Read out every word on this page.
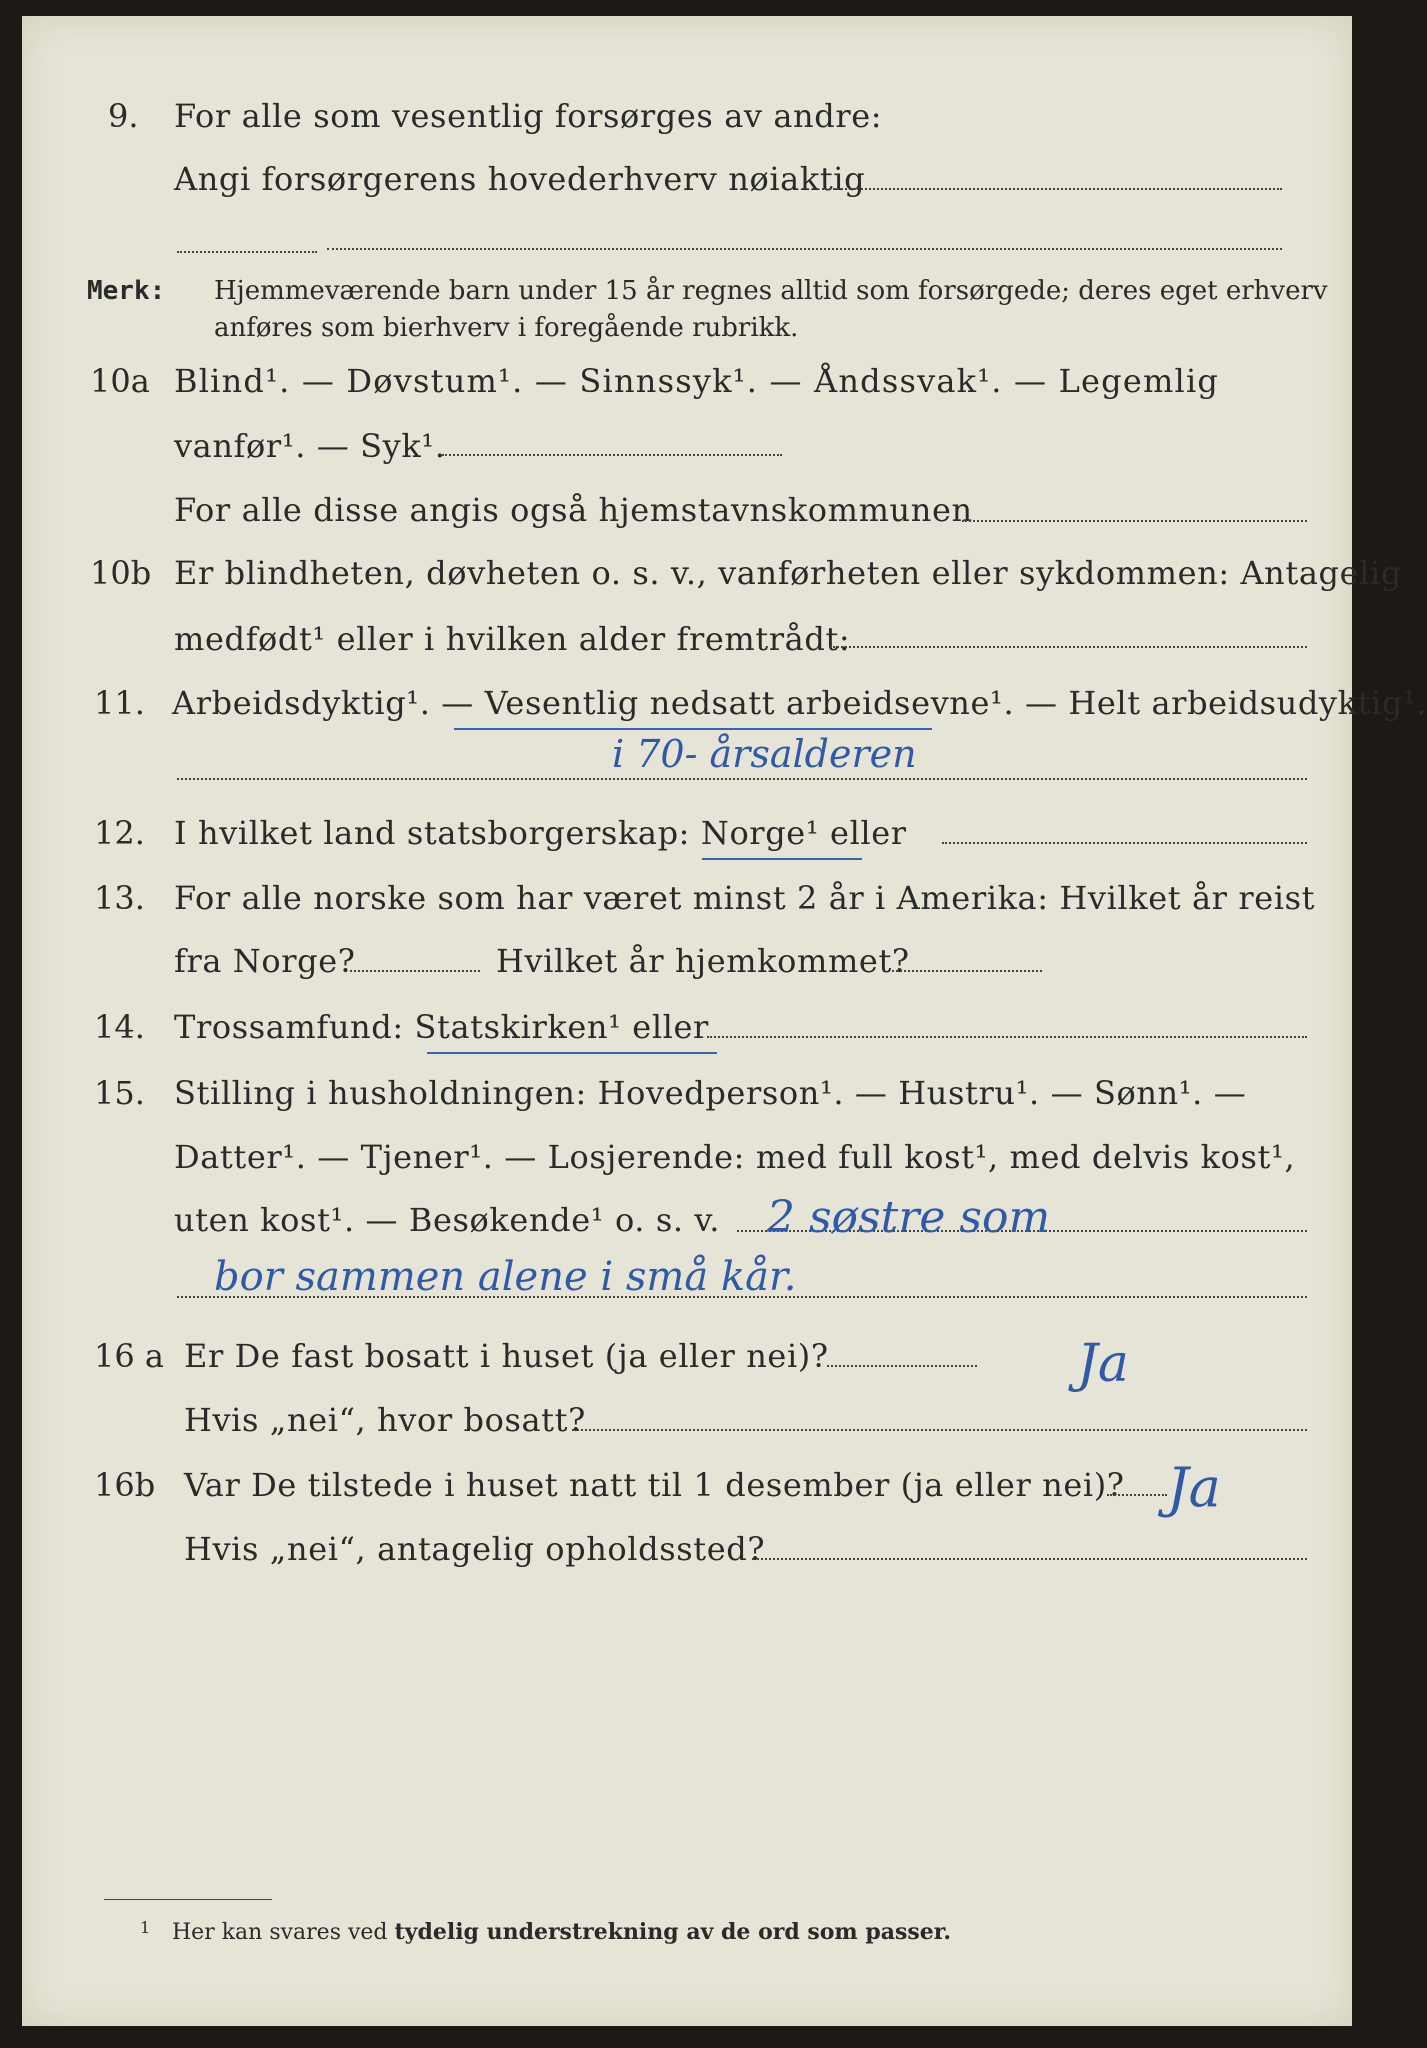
9. For alle som vesentlig forsørges av andre:
Angi forsørgerens hovederhverv nøiaktig
Merk: Hjemmeværende barn under 15 år regnes alltid som forsørgede; deres eget erhverv
anføres som bierhverv i foregående rubrikk.
10a Blind¹. — Døvstum¹. — Sinnssyk¹. — Åndssvak¹. — Legemlig
vanfør¹. — Syk¹.
For alle disse angis også hjemstavnskommunen
10b Er blindheten, døvheten o. s. v., vanførheten eller sykdommen: Antagelig
medfødt¹ eller i hvilken alder fremtrådt:
11. Arbeidsdyktig¹. — Vesentlig nedsatt arbeidsevne¹. — Helt arbeidsudyktig¹.
i 70- årsalderen
12. I hvilket land statsborgerskap: Norge¹ eller
13. For alle norske som har været minst 2 år i Amerika: Hvilket år reist
fra Norge?	Hvilket år hjemkommet?
14. Trossamfund: Statskirken¹ eller
15. Stilling i husholdningen: Hovedperson¹. — Hustru¹. — Sønn¹. —
Datter¹. — Tjener¹. — Losjerende: med full kost¹, med delvis kost¹,
uten kost¹. — Besøkende¹ o. s. v. 2 søstre som
bor sammen alene i små kår.
16 a Er De fast bosatt i huset (ja eller nei)?	Ja
Hvis „nei“, hvor bosatt?
16b Var De tilstede i huset natt til 1 desember (ja eller nei)? Ja
Hvis „nei“, antagelig opholdssted?
1 Her kan svares ved tydelig understrekning av de ord som passer.
